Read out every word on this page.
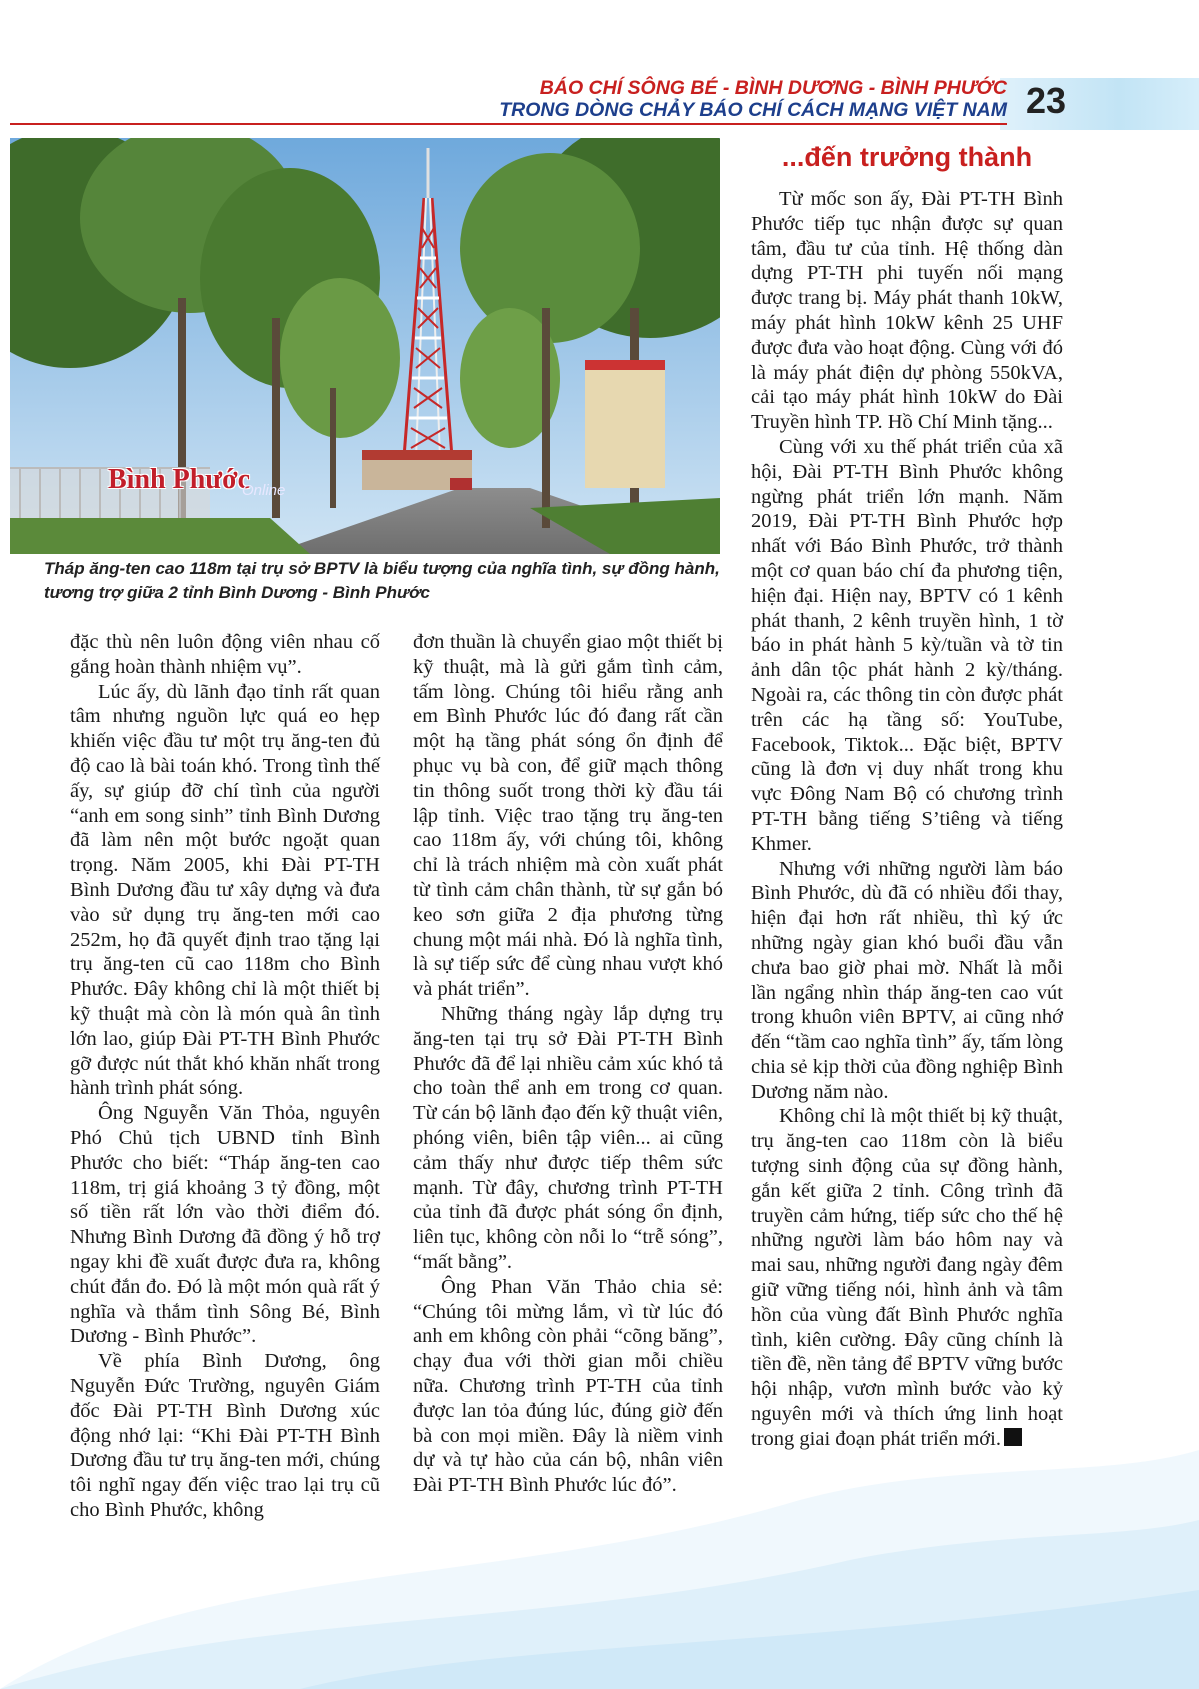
BÁO CHÍ SÔNG BÉ - BÌNH DƯƠNG - BÌNH PHƯỚC
TRONG DÒNG CHẢY BÁO CHÍ CÁCH MẠNG VIỆT NAM 23
Bình Phước
Online
Tháp ăng-ten cao 118m tại trụ sở BPTV là biểu tượng của nghĩa tình, sự đồng hành, tương trợ giữa 2 tỉnh Bình Dương - Bình Phước

đặc thù nên luôn động viên nhau cố gắng hoàn thành nhiệm vụ”.

Lúc ấy, dù lãnh đạo tỉnh rất quan tâm nhưng nguồn lực quá eo hẹp khiến việc đầu tư một trụ ăng-ten đủ độ cao là bài toán khó. Trong tình thế ấy, sự giúp đỡ chí tình của người “anh em song sinh” tỉnh Bình Dương đã làm nên một bước ngoặt quan trọng. Năm 2005, khi Đài PT-TH Bình Dương đầu tư xây dựng và đưa vào sử dụng trụ ăng-ten mới cao 252m, họ đã quyết định trao tặng lại trụ ăng-ten cũ cao 118m cho Bình Phước. Đây không chỉ là một thiết bị kỹ thuật mà còn là món quà ân tình lớn lao, giúp Đài PT-TH Bình Phước gỡ được nút thắt khó khăn nhất trong hành trình phát sóng.

Ông Nguyễn Văn Thỏa, nguyên Phó Chủ tịch UBND tỉnh Bình Phước cho biết: “Tháp ăng-ten cao 118m, trị giá khoảng 3 tỷ đồng, một số tiền rất lớn vào thời điểm đó. Nhưng Bình Dương đã đồng ý hỗ trợ ngay khi đề xuất được đưa ra, không chút đắn đo. Đó là một món quà rất ý nghĩa và thắm tình Sông Bé, Bình Dương - Bình Phước”.

Về phía Bình Dương, ông Nguyễn Đức Trường, nguyên Giám đốc Đài PT-TH Bình Dương xúc động nhớ lại: “Khi Đài PT-TH Bình Dương đầu tư trụ ăng-ten mới, chúng tôi nghĩ ngay đến việc trao lại trụ cũ cho Bình Phước, không

đơn thuần là chuyển giao một thiết bị kỹ thuật, mà là gửi gắm tình cảm, tấm lòng. Chúng tôi hiểu rằng anh em Bình Phước lúc đó đang rất cần một hạ tầng phát sóng ổn định để phục vụ bà con, để giữ mạch thông tin thông suốt trong thời kỳ đầu tái lập tỉnh. Việc trao tặng trụ ăng-ten cao 118m ấy, với chúng tôi, không chỉ là trách nhiệm mà còn xuất phát từ tình cảm chân thành, từ sự gắn bó keo sơn giữa 2 địa phương từng chung một mái nhà. Đó là nghĩa tình, là sự tiếp sức để cùng nhau vượt khó và phát triển”.

Những tháng ngày lắp dựng trụ ăng-ten tại trụ sở Đài PT-TH Bình Phước đã để lại nhiều cảm xúc khó tả cho toàn thể anh em trong cơ quan. Từ cán bộ lãnh đạo đến kỹ thuật viên, phóng viên, biên tập viên... ai cũng cảm thấy như được tiếp thêm sức mạnh. Từ đây, chương trình PT-TH của tỉnh đã được phát sóng ổn định, liên tục, không còn nỗi lo “trễ sóng”, “mất bằng”.

Ông Phan Văn Thảo chia sẻ: “Chúng tôi mừng lắm, vì từ lúc đó anh em không còn phải “cõng băng”, chạy đua với thời gian mỗi chiều nữa. Chương trình PT-TH của tỉnh được lan tỏa đúng lúc, đúng giờ đến bà con mọi miền. Đây là niềm vinh dự và tự hào của cán bộ, nhân viên Đài PT-TH Bình Phước lúc đó”.

...đến trưởng thành

Từ mốc son ấy, Đài PT-TH Bình Phước tiếp tục nhận được sự quan tâm, đầu tư của tỉnh. Hệ thống dàn dựng PT-TH phi tuyến nối mạng được trang bị. Máy phát thanh 10kW, máy phát hình 10kW kênh 25 UHF được đưa vào hoạt động. Cùng với đó là máy phát điện dự phòng 550kVA, cải tạo máy phát hình 10kW do Đài Truyền hình TP. Hồ Chí Minh tặng...

Cùng với xu thế phát triển của xã hội, Đài PT-TH Bình Phước không ngừng phát triển lớn mạnh. Năm 2019, Đài PT-TH Bình Phước hợp nhất với Báo Bình Phước, trở thành một cơ quan báo chí đa phương tiện, hiện đại. Hiện nay, BPTV có 1 kênh phát thanh, 2 kênh truyền hình, 1 tờ báo in phát hành 5 kỳ/tuần và tờ tin ảnh dân tộc phát hành 2 kỳ/tháng. Ngoài ra, các thông tin còn được phát trên các hạ tầng số: YouTube, Facebook, Tiktok... Đặc biệt, BPTV cũng là đơn vị duy nhất trong khu vực Đông Nam Bộ có chương trình PT-TH bằng tiếng S’tiêng và tiếng Khmer.

Nhưng với những người làm báo Bình Phước, dù đã có nhiều đổi thay, hiện đại hơn rất nhiều, thì ký ức những ngày gian khó buổi đầu vẫn chưa bao giờ phai mờ. Nhất là mỗi lần ngẩng nhìn tháp ăng-ten cao vút trong khuôn viên BPTV, ai cũng nhớ đến “tầm cao nghĩa tình” ấy, tấm lòng chia sẻ kịp thời của đồng nghiệp Bình Dương năm nào.

Không chỉ là một thiết bị kỹ thuật, trụ ăng-ten cao 118m còn là biểu tượng sinh động của sự đồng hành, gắn kết giữa 2 tỉnh. Công trình đã truyền cảm hứng, tiếp sức cho thế hệ những người làm báo hôm nay và mai sau, những người đang ngày đêm giữ vững tiếng nói, hình ảnh và tâm hồn của vùng đất Bình Phước nghĩa tình, kiên cường. Đây cũng chính là tiền đề, nền tảng để BPTV vững bước hội nhập, vươn mình bước vào kỷ nguyên mới và thích ứng linh hoạt trong giai đoạn phát triển mới.
